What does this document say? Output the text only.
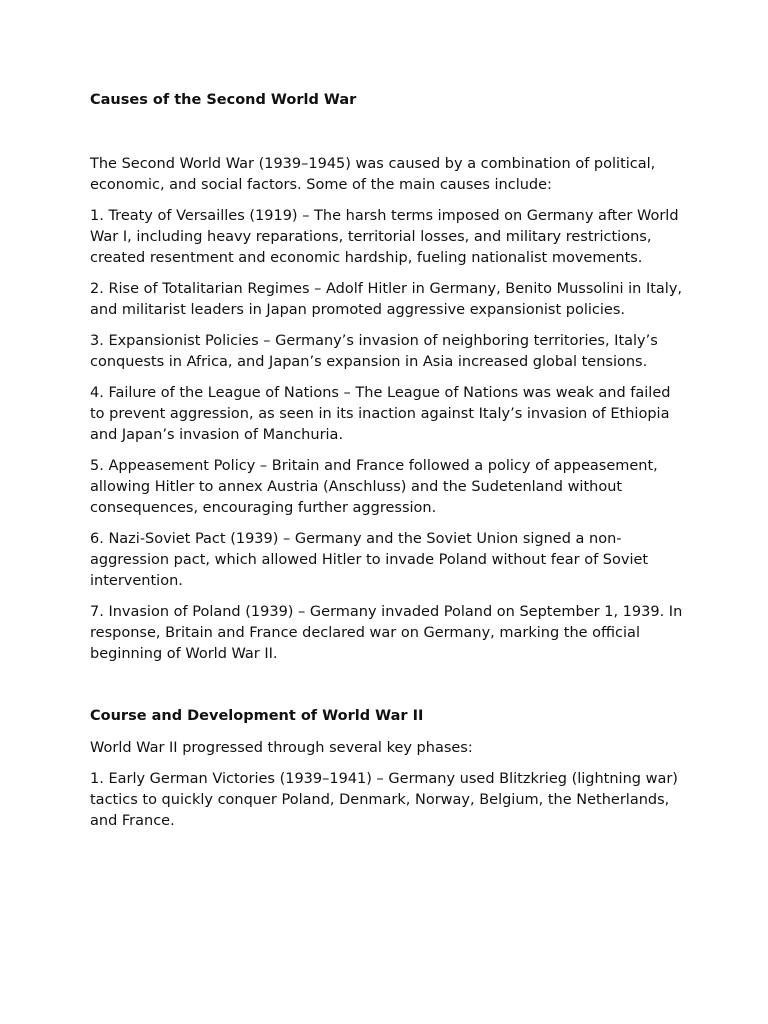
Causes of the Second World War

The Second World War (1939–1945) was caused by a combination of political, economic, and social factors. Some of the main causes include:

1. Treaty of Versailles (1919) – The harsh terms imposed on Germany after World War I, including heavy reparations, territorial losses, and military restrictions, created resentment and economic hardship, fueling nationalist movements.

2. Rise of Totalitarian Regimes – Adolf Hitler in Germany, Benito Mussolini in Italy, and militarist leaders in Japan promoted aggressive expansionist policies.

3. Expansionist Policies – Germany’s invasion of neighboring territories, Italy’s conquests in Africa, and Japan’s expansion in Asia increased global tensions.

4. Failure of the League of Nations – The League of Nations was weak and failed to prevent aggression, as seen in its inaction against Italy’s invasion of Ethiopia and Japan’s invasion of Manchuria.

5. Appeasement Policy – Britain and France followed a policy of appeasement, allowing Hitler to annex Austria (Anschluss) and the Sudetenland without consequences, encouraging further aggression.

6. Nazi-Soviet Pact (1939) – Germany and the Soviet Union signed a non-aggression pact, which allowed Hitler to invade Poland without fear of Soviet intervention.

7. Invasion of Poland (1939) – Germany invaded Poland on September 1, 1939. In response, Britain and France declared war on Germany, marking the official beginning of World War II.

Course and Development of World War II

World War II progressed through several key phases:

1. Early German Victories (1939–1941) – Germany used Blitzkrieg (lightning war) tactics to quickly conquer Poland, Denmark, Norway, Belgium, the Netherlands, and France.
